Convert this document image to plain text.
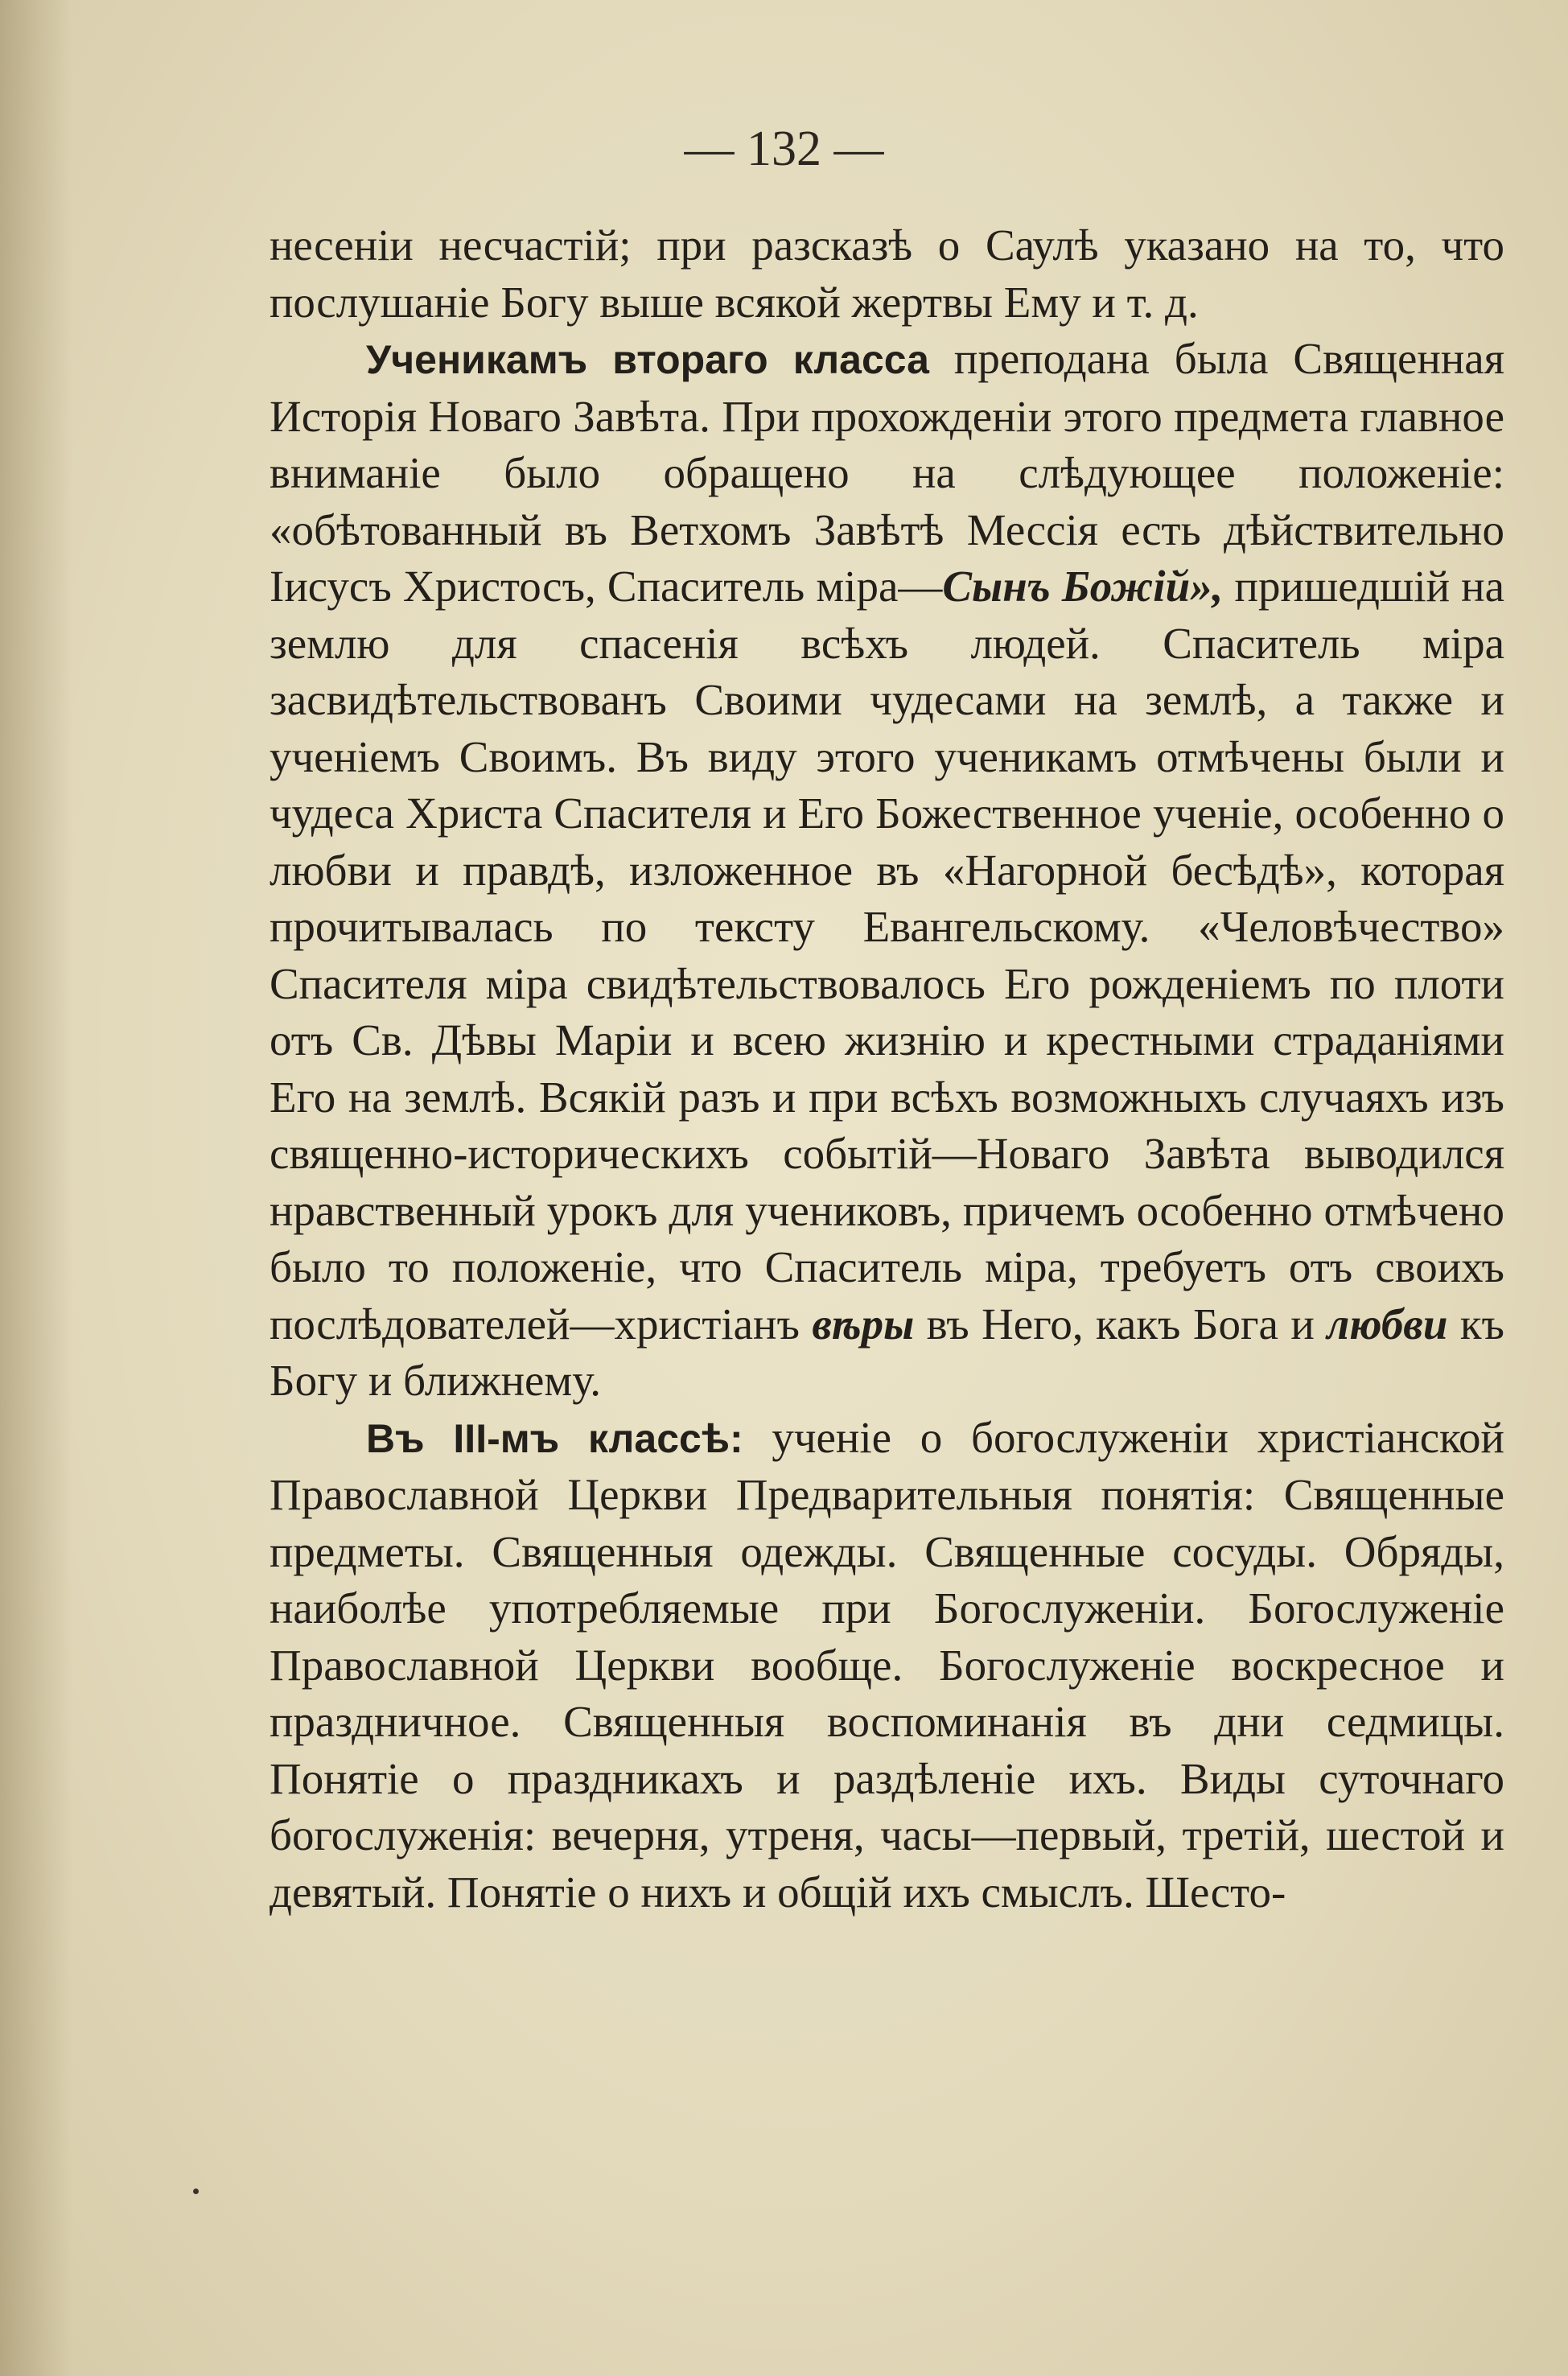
— 132 —

несенiи несчастiй; при разсказѣ о Саулѣ указано на то, что послушанiе Богу выше всякой жертвы Ему и т. д.

Ученикамъ втораго класса преподана была Священная Исторiя Новаго Завѣта. При прохожденiи этого предмета главное вниманiе было обращено на слѣдующее положенiе: «обѣтованный въ Ветхомъ Завѣтѣ Мессiя есть дѣйствительно Iисусъ Христосъ, Спаситель мiра—Сынъ Божiй», пришедшiй на землю для спасенiя всѣхъ людей. Спаситель мiра засвидѣтельствованъ Своими чудесами на землѣ, а также и ученiемъ Своимъ. Въ виду этого ученикамъ отмѣчены были и чудеса Христа Спасителя и Его Божественное ученiе, особенно о любви и правдѣ, изложенное въ «Нагорной бесѣдѣ», которая прочитывалась по тексту Евангельскому. «Человѣчество» Спасителя мiра свидѣтельствовалось Его рожденiемъ по плоти отъ Св. Дѣвы Марiи и всею жизнiю и крестными страданiями Его на землѣ. Всякiй разъ и при всѣхъ возможныхъ случаяхъ изъ священно-историческихъ событiй—Новаго Завѣта выводился нравственный урокъ для учениковъ, причемъ особенно отмѣчено было то положенiе, что Спаситель мiра, требуетъ отъ своихъ послѣдователей—христiанъ вѣры въ Него, какъ Бога и любви къ Богу и ближнему.

Въ III-мъ классѣ: ученiе о богослуженiи христiанской Православной Церкви Предварительныя понятiя: Священные предметы. Священныя одежды. Священные сосуды. Обряды, наиболѣе употребляемые при Богослуженiи. Богослуженiе Православной Церкви вообще. Богослуженiе воскресное и праздничное. Священныя воспоминанiя въ дни седмицы. Понятiе о праздникахъ и раздѣленiе ихъ. Виды суточнаго богослуженiя: вечерня, утреня, часы—первый, третiй, шестой и девятый. Понятiе о нихъ и общiй ихъ смыслъ. Шесто-
